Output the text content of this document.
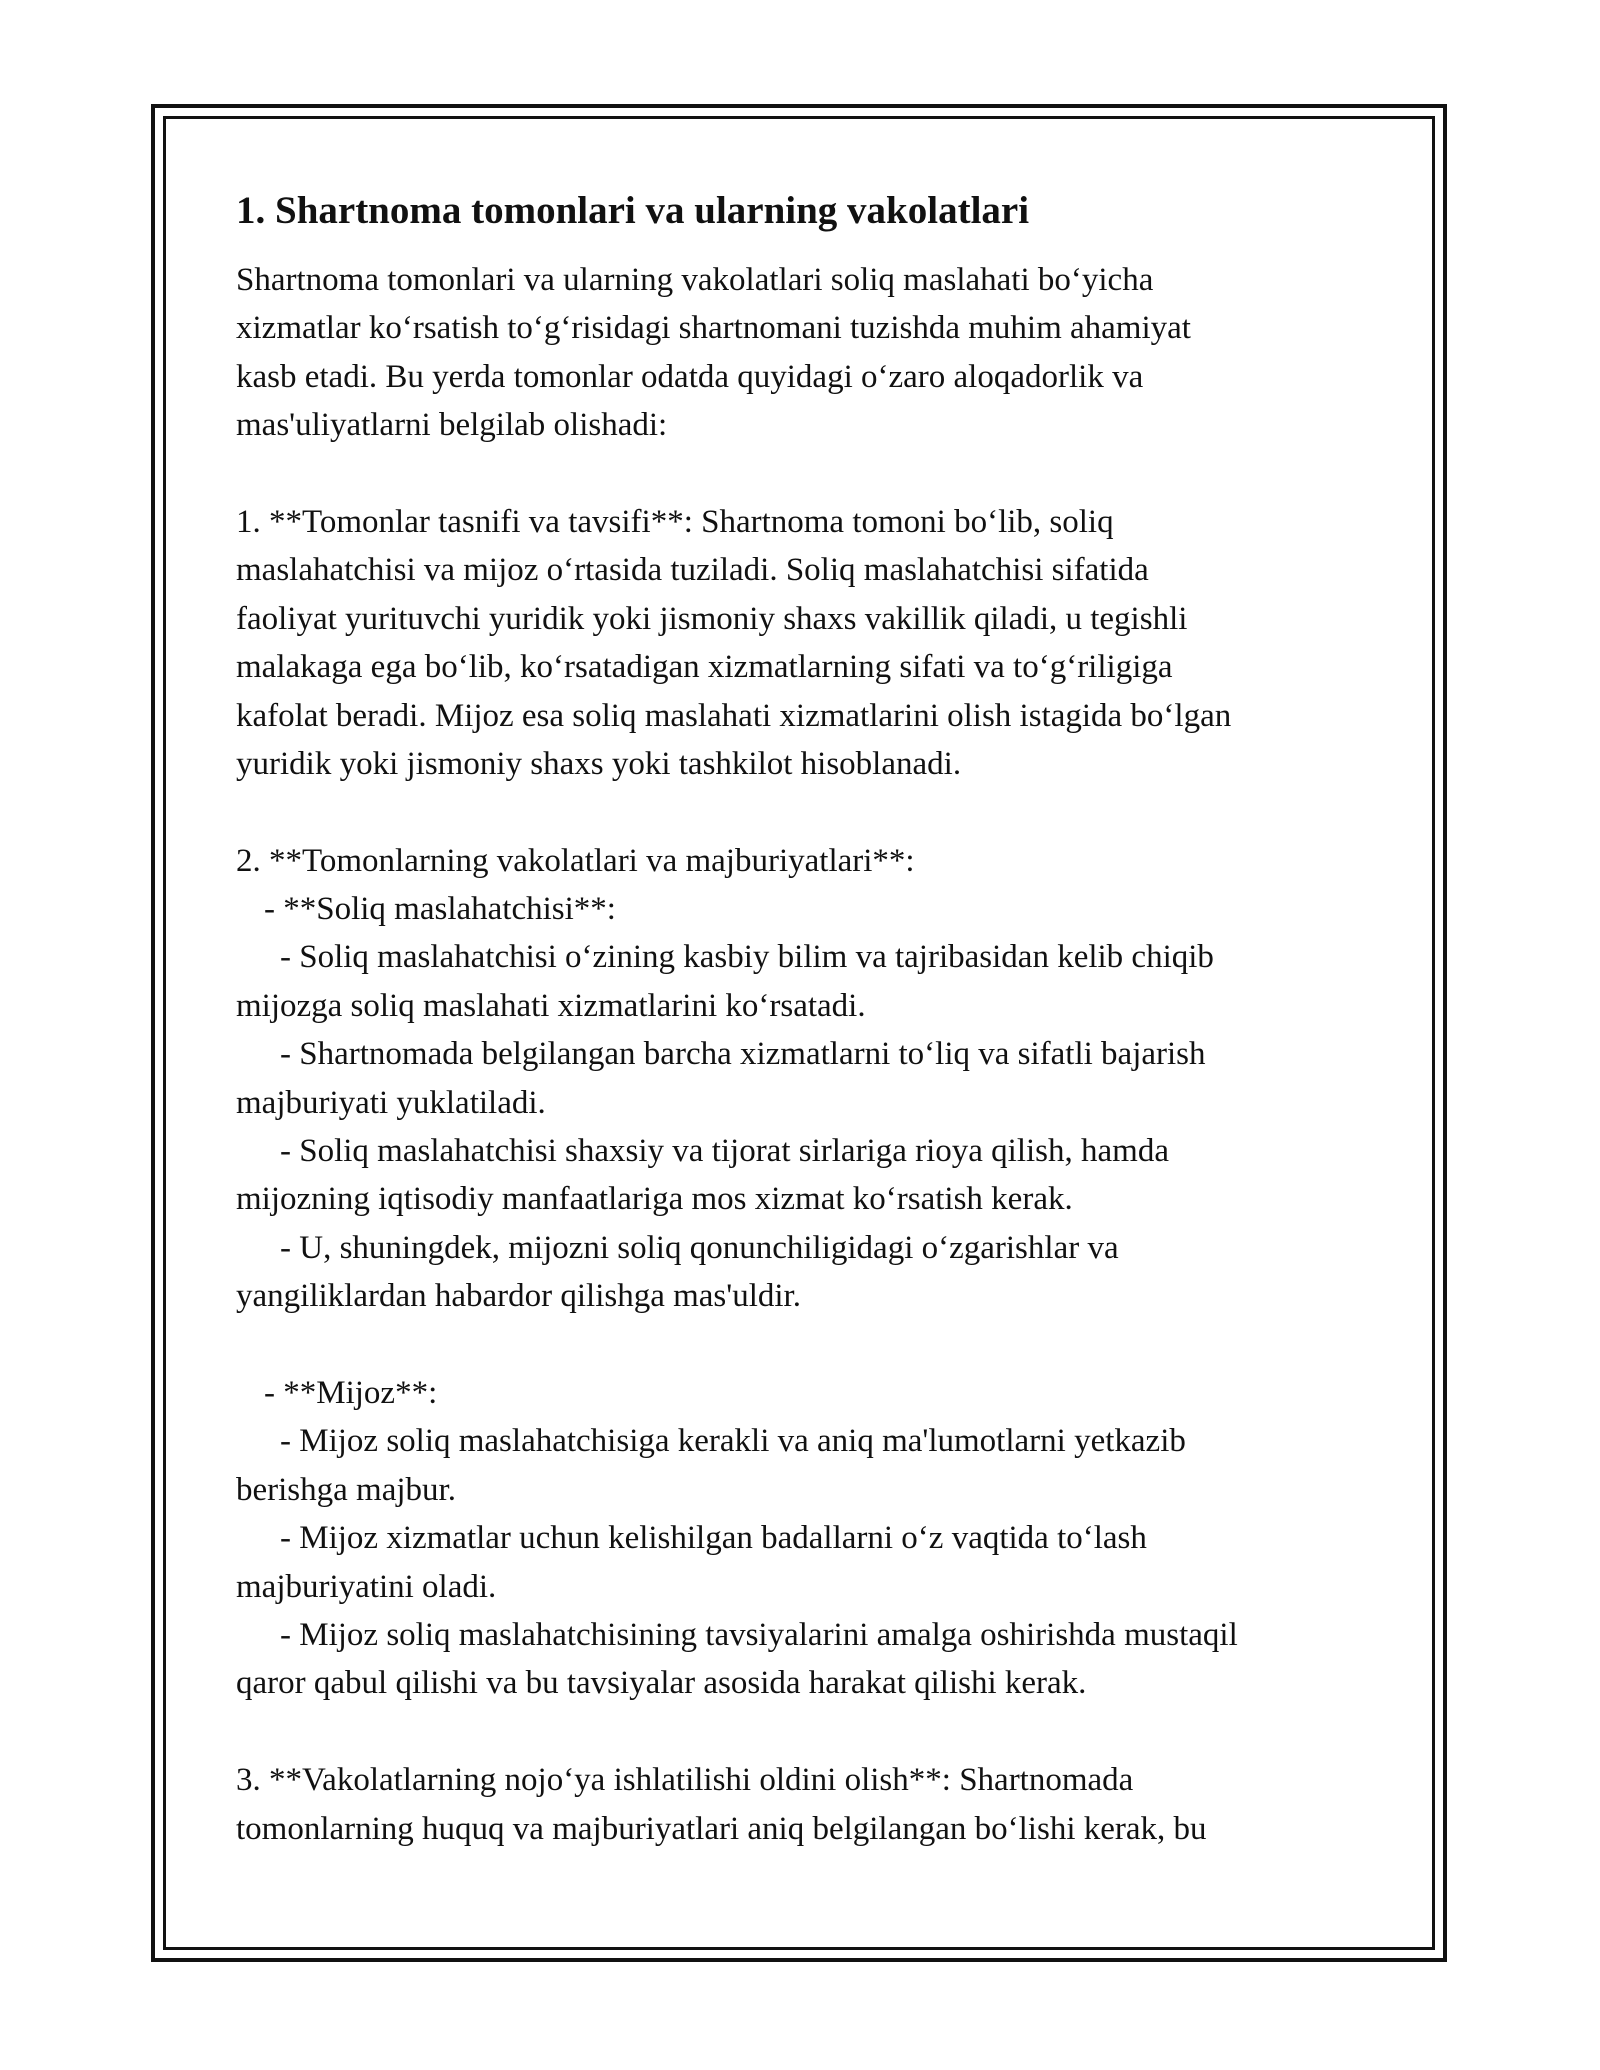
1. Shartnoma tomonlari va ularning vakolatlari
Shartnoma tomonlari va ularning vakolatlari soliq maslahati bo‘yicha
xizmatlar ko‘rsatish to‘g‘risidagi shartnomani tuzishda muhim ahamiyat
kasb etadi. Bu yerda tomonlar odatda quyidagi o‘zaro aloqadorlik va
mas'uliyatlarni belgilab olishadi:
1. **Tomonlar tasnifi va tavsifi**: Shartnoma tomoni bo‘lib, soliq
maslahatchisi va mijoz o‘rtasida tuziladi. Soliq maslahatchisi sifatida
faoliyat yurituvchi yuridik yoki jismoniy shaxs vakillik qiladi, u tegishli
malakaga ega bo‘lib, ko‘rsatadigan xizmatlarning sifati va to‘g‘riligiga
kafolat beradi. Mijoz esa soliq maslahati xizmatlarini olish istagida bo‘lgan
yuridik yoki jismoniy shaxs yoki tashkilot hisoblanadi.
2. **Tomonlarning vakolatlari va majburiyatlari**:
- **Soliq maslahatchisi**:
- Soliq maslahatchisi o‘zining kasbiy bilim va tajribasidan kelib chiqib
mijozga soliq maslahati xizmatlarini ko‘rsatadi.
- Shartnomada belgilangan barcha xizmatlarni to‘liq va sifatli bajarish
majburiyati yuklatiladi.
- Soliq maslahatchisi shaxsiy va tijorat sirlariga rioya qilish, hamda
mijozning iqtisodiy manfaatlariga mos xizmat ko‘rsatish kerak.
- U, shuningdek, mijozni soliq qonunchiligidagi o‘zgarishlar va
yangiliklardan habardor qilishga mas'uldir.
- **Mijoz**:
- Mijoz soliq maslahatchisiga kerakli va aniq ma'lumotlarni yetkazib
berishga majbur.
- Mijoz xizmatlar uchun kelishilgan badallarni o‘z vaqtida to‘lash
majburiyatini oladi.
- Mijoz soliq maslahatchisining tavsiyalarini amalga oshirishda mustaqil
qaror qabul qilishi va bu tavsiyalar asosida harakat qilishi kerak.
3. **Vakolatlarning nojo‘ya ishlatilishi oldini olish**: Shartnomada
tomonlarning huquq va majburiyatlari aniq belgilangan bo‘lishi kerak, bu
